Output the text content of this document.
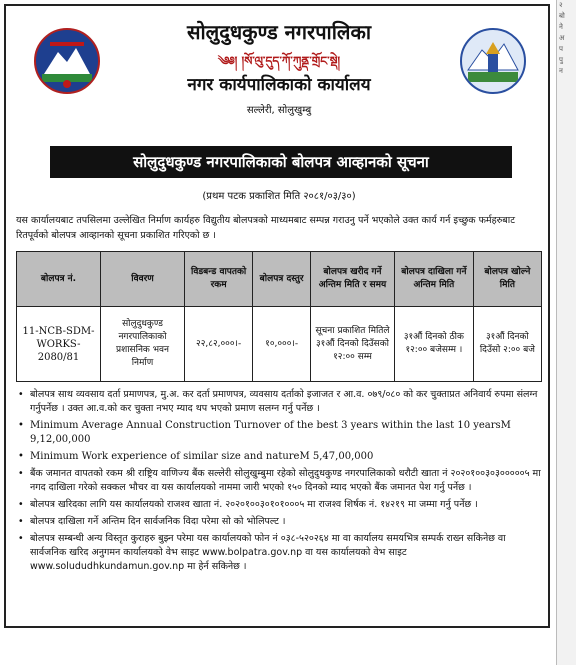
सोलुदुधकुण्ड नगरपालिका
༄༅། །སོ་ལུ་དུད་ཀོ་ཀུནྡ་གྲོང་སྡེ།
नगर कार्यपालिकाको कार्यालय
सल्लेरी, सोलुखुम्बु
सोलुदुधकुण्ड नगरपालिकाको बोलपत्र आव्हानको सूचना
(प्रथम पटक प्रकाशित मिति २०८१/०३/३०)
यस कार्यालयबाट तपसिलमा उल्लेखित निर्माण कार्यहरु विद्युतीय बोलपत्रको माध्यमबाट सम्पन्न गराउनु पर्ने भएकोले उक्त कार्य गर्न इच्छुक फर्महरुबाट रितपूर्वको बोलपत्र आव्हानको सूचना प्रकाशित गरिएको छ ।
बोलपत्र नं.	विवरण	विडबन्ड वापतको रकम	बोलपत्र दस्तुर	बोलपत्र खरीद गर्ने अन्तिम मिति र समय	बोलपत्र दाखिला गर्ने अन्तिम मिति	बोलपत्र खोल्ने मिति
11-NCB-SDM-WORKS-2080/81	सोलुदुधकुण्ड नगरपालिकाको प्रशासनिक भवन निर्माण	२२,८२,०००।-	१०,०००।-	सूचना प्रकाशित मितिले ३१औं दिनको दिउँसको १२:०० सम्म	३१औं दिनको ठीक १२:०० बजेसम्म ।	३१औं दिनको दिउँसो २:०० बजे
• बोलपत्र साथ व्यवसाय दर्ता प्रमाणपत्र, मु.अ. कर दर्ता प्रमाणपत्र, व्यवसाय दर्ताको इजाजत र आ.व. ०७९/०८० को कर चुक्ताप्रत अनिवार्य रुपमा संलग्न गर्नुपर्नेछ । उक्त आ.व.को कर चुक्ता नभए म्याद थप भएको प्रमाण सलग्न गर्नु पर्नेछ ।
• Minimum Average Annual Construction Turnover of the best 3 years within the last 10 yearsM 9,12,00,000
• Minimum Work experience of similar size and natureM 5,47,00,000
• बैंक जमानत वापतको रकम श्री राष्ट्रिय वाणिज्य बैंक सल्लेरी सोलुखुम्बुमा रहेको सोलुदुधकुण्ड नगरपालिकाको धरौटी खाता नं २०२०१००३०३०००००५ मा नगद दाखिला गरेको सक्कल भौचर वा यस कार्यालयको नाममा जारी भएको १५० दिनको म्याद भएको बैंक जमानत पेश गर्नु पर्नेछ ।
• बोलपत्र खरिदका लागि यस कार्यालयको राजश्व खाता नं. २०२०१००३०१०१०००५ मा राजश्व शिर्षक नं. १४२१९ मा जम्मा गर्नु पर्नेछ ।
• बोलपत्र दाखिला गर्ने अन्तिम दिन सार्वजनिक विदा परेमा सो को भोलिपल्ट ।
• बोलपत्र सम्बन्धी अन्य विस्तृत कुराहरु बुझ्न परेमा यस कार्यालयको फोन नं ०३८-५२०२६४ मा वा कार्यालय समयभित्र सम्पर्क राख्न सकिनेछ वा सार्वजनिक खरिद अनुगमन कार्यालयको वेभ साइट www.bolpatra.gov.np वा यस कार्यालयको वेभ साइट www.solududhkundamun.gov.np मा हेर्न सकिनेछ ।
२
बो
ने
अ
प
पु
न
